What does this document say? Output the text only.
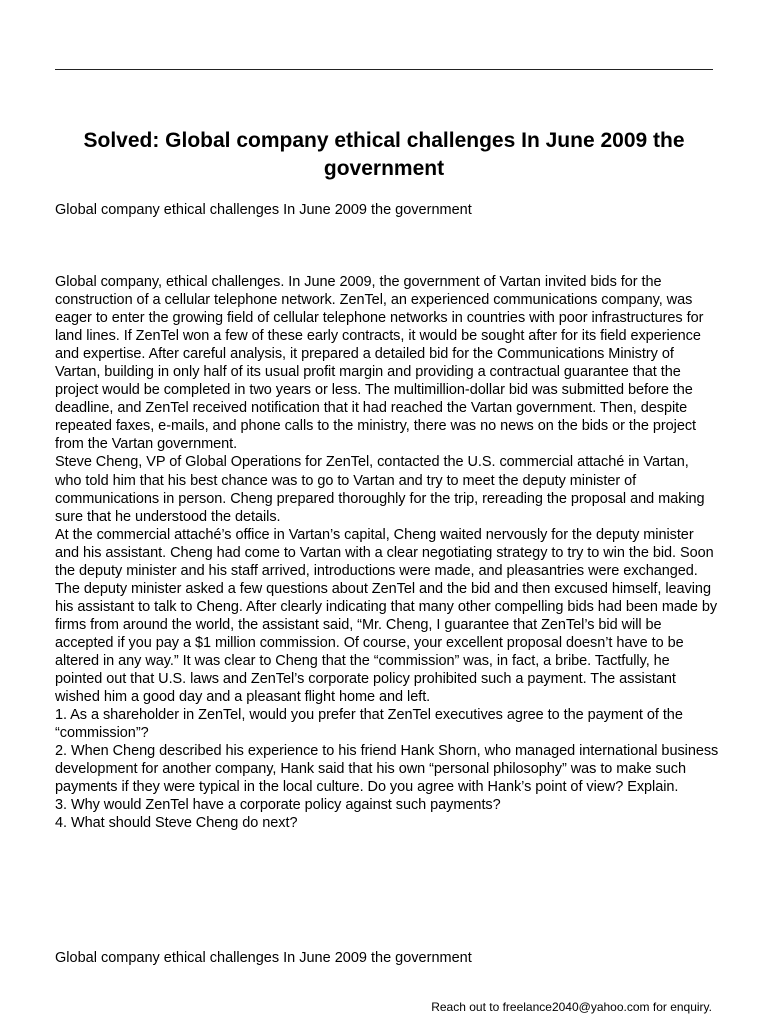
Solved: Global company ethical challenges In June 2009 the government

Global company ethical challenges In June 2009 the government

Global company, ethical challenges. In June 2009, the government of Vartan invited bids for the construction of a cellular telephone network. ZenTel, an experienced communications company, was eager to enter the growing field of cellular telephone networks in countries with poor infrastructures for land lines. If ZenTel won a few of these early contracts, it would be sought after for its field experience and expertise. After careful analysis, it prepared a detailed bid for the Communications Ministry of Vartan, building in only half of its usual profit margin and providing a contractual guarantee that the project would be completed in two years or less. The multimillion-dollar bid was submitted before the deadline, and ZenTel received notification that it had reached the Vartan government. Then, despite repeated faxes, e-mails, and phone calls to the ministry, there was no news on the bids or the project from the Vartan government.

Steve Cheng, VP of Global Operations for ZenTel, contacted the U.S. commercial attaché in Vartan, who told him that his best chance was to go to Vartan and try to meet the deputy minister of communications in person. Cheng prepared thoroughly for the trip, rereading the proposal and making sure that he understood the details.

At the commercial attaché’s office in Vartan’s capital, Cheng waited nervously for the deputy minister and his assistant. Cheng had come to Vartan with a clear negotiating strategy to try to win the bid. Soon the deputy minister and his staff arrived, introductions were made, and pleasantries were exchanged. The deputy minister asked a few questions about ZenTel and the bid and then excused himself, leaving his assistant to talk to Cheng. After clearly indicating that many other compelling bids had been made by firms from around the world, the assistant said, “Mr. Cheng, I guarantee that ZenTel’s bid will be accepted if you pay a $1 million commission. Of course, your excellent proposal doesn’t have to be altered in any way.” It was clear to Cheng that the “commission” was, in fact, a bribe. Tactfully, he pointed out that U.S. laws and ZenTel’s corporate policy prohibited such a payment. The assistant wished him a good day and a pleasant flight home and left.

1. As a shareholder in ZenTel, would you prefer that ZenTel executives agree to the payment of the “commission”?

2. When Cheng described his experience to his friend Hank Shorn, who managed international business development for another company, Hank said that his own “personal philosophy” was to make such payments if they were typical in the local culture. Do you agree with Hank’s point of view? Explain.

3. Why would ZenTel have a corporate policy against such payments?

4. What should Steve Cheng do next?

Global company ethical challenges In June 2009 the government

Reach out to freelance2040@yahoo.com for enquiry.
